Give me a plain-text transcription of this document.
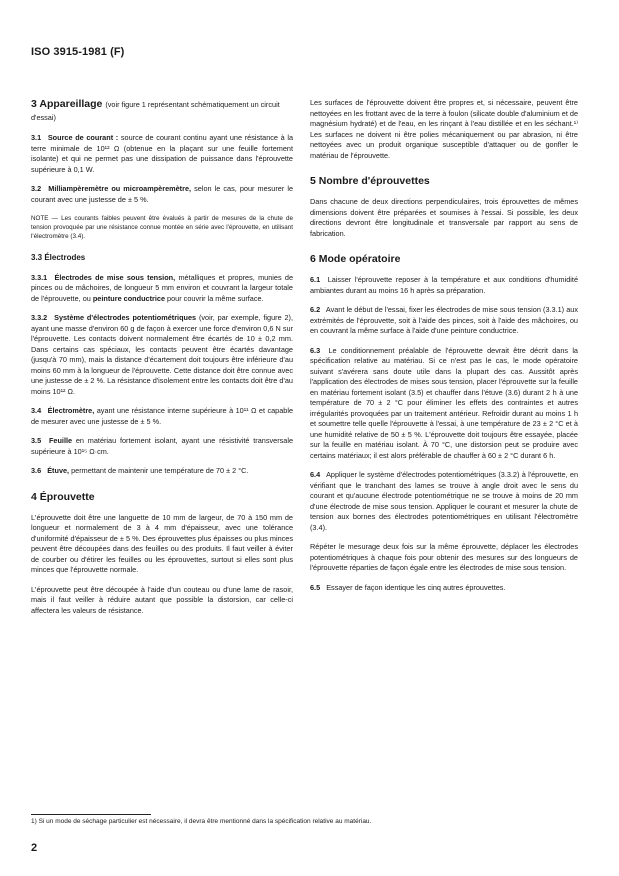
ISO 3915-1981 (F)
3 Appareillage (voir figure 1 représentant schématiquement un circuit d'essai)

3.1 Source de courant : source de courant continu ayant une résistance à la terre minimale de 10¹² Ω (obtenue en la plaçant sur une feuille fortement isolante) et qui ne permet pas une dissipation de puissance dans l'éprouvette supérieure à 0,1 W.

3.2 Milliampèremètre ou microampèremètre, selon le cas, pour mesurer le courant avec une justesse de ± 5 %.

NOTE — Les courants faibles peuvent être évalués à partir de mesures de la chute de tension provoquée par une résistance connue montée en série avec l'éprouvette, en utilisant l'électromètre (3.4).

3.3 Électrodes

3.3.1 Électrodes de mise sous tension, métalliques et propres, munies de pinces ou de mâchoires, de longueur 5 mm environ et couvrant la largeur totale de l'éprouvette, ou peinture conductrice pour couvrir la même surface.

3.3.2 Système d'électrodes potentiométriques (voir, par exemple, figure 2), ayant une masse d'environ 60 g de façon à exercer une force d'environ 0,6 N sur l'éprouvette. Les contacts doivent normalement être écartés de 10 ± 0,2 mm. Dans certains cas spéciaux, les contacts peuvent être écartés davantage (jusqu'à 70 mm), mais la distance d'écartement doit toujours être inférieure d'au moins 60 mm à la longueur de l'éprouvette. Cette distance doit être connue avec une justesse de ± 2 %. La résistance d'isolement entre les contacts doit être d'au moins 10¹² Ω.

3.4 Électromètre, ayant une résistance interne supérieure à 10¹¹ Ω et capable de mesurer avec une justesse de ± 5 %.

3.5 Feuille en matériau fortement isolant, ayant une résistivité transversale supérieure à 10¹⁵ Ω·cm.

3.6 Étuve, permettant de maintenir une température de 70 ± 2 °C.

4 Éprouvette

L'éprouvette doit être une languette de 10 mm de largeur, de 70 à 150 mm de longueur et normalement de 3 à 4 mm d'épaisseur, avec une tolérance d'uniformité d'épaisseur de ± 5 %. Des éprouvettes plus épaisses ou plus minces peuvent être découpées dans des feuilles ou des produits. Il faut veiller à éviter de courber ou d'étirer les feuilles ou les éprouvettes, surtout si elles sont plus minces que l'éprouvette normale.

L'éprouvette peut être découpée à l'aide d'un couteau ou d'une lame de rasoir, mais il faut veiller à réduire autant que possible la distorsion, car celle-ci affectera les valeurs de résistance.

Les surfaces de l'éprouvette doivent être propres et, si nécessaire, peuvent être nettoyées en les frottant avec de la terre à foulon (silicate double d'aluminium et de magnésium hydraté) et de l'eau, en les rinçant à l'eau distillée et en les séchant.¹⁾ Les surfaces ne doivent ni être polies mécaniquement ou par abrasion, ni être nettoyées avec un produit organique susceptible d'attaquer ou de gonfler le matériau de l'éprouvette.

5 Nombre d'éprouvettes

Dans chacune de deux directions perpendiculaires, trois éprouvettes de mêmes dimensions doivent être préparées et soumises à l'essai. Si possible, les deux directions devront être longitudinale et transversale par rapport au sens de fabrication.

6 Mode opératoire

6.1 Laisser l'éprouvette reposer à la température et aux conditions d'humidité ambiantes durant au moins 16 h après sa préparation.

6.2 Avant le début de l'essai, fixer les électrodes de mise sous tension (3.3.1) aux extrémités de l'éprouvette, soit à l'aide des pinces, soit à l'aide des mâchoires, ou en couvrant la même surface à l'aide d'une peinture conductrice.

6.3 Le conditionnement préalable de l'éprouvette devrait être décrit dans la spécification relative au matériau. Si ce n'est pas le cas, le mode opératoire suivant s'avérera sans doute utile dans la plupart des cas. Aussitôt après l'application des électrodes de mises sous tension, placer l'éprouvette sur la feuille en matériau fortement isolant (3.5) et chauffer dans l'étuve (3.6) durant 2 h à une température de 70 ± 2 °C pour éliminer les effets des contraintes et autres irrégularités provoquées par un traitement antérieur. Refroidir durant au moins 1 h et soumettre telle quelle l'éprouvette à l'essai, à une température de 23 ± 2 °C et à une humidité relative de 50 ± 5 %. L'éprouvette doit toujours être essayée, placée sur la feuille en matériau isolant. À 70 °C, une distorsion peut se produire avec certains matériaux; il est alors préférable de chauffer à 60 ± 2 °C durant 6 h.

6.4 Appliquer le système d'électrodes potentiométriques (3.3.2) à l'éprouvette, en vérifiant que le tranchant des lames se trouve à angle droit avec le sens du courant et qu'aucune électrode potentiométrique ne se trouve à moins de 20 mm d'une électrode de mise sous tension. Appliquer le courant et mesurer la chute de tension aux bornes des électrodes potentiométriques en utilisant l'électromètre (3.4).

Répéter le mesurage deux fois sur la même éprouvette, déplacer les électrodes potentiométriques à chaque fois pour obtenir des mesures sur des longueurs de l'éprouvette réparties de façon égale entre les électrodes de mise sous tension.

6.5 Essayer de façon identique les cinq autres éprouvettes.

1) Si un mode de séchage particulier est nécessaire, il devra être mentionné dans la spécification relative au matériau.
2
